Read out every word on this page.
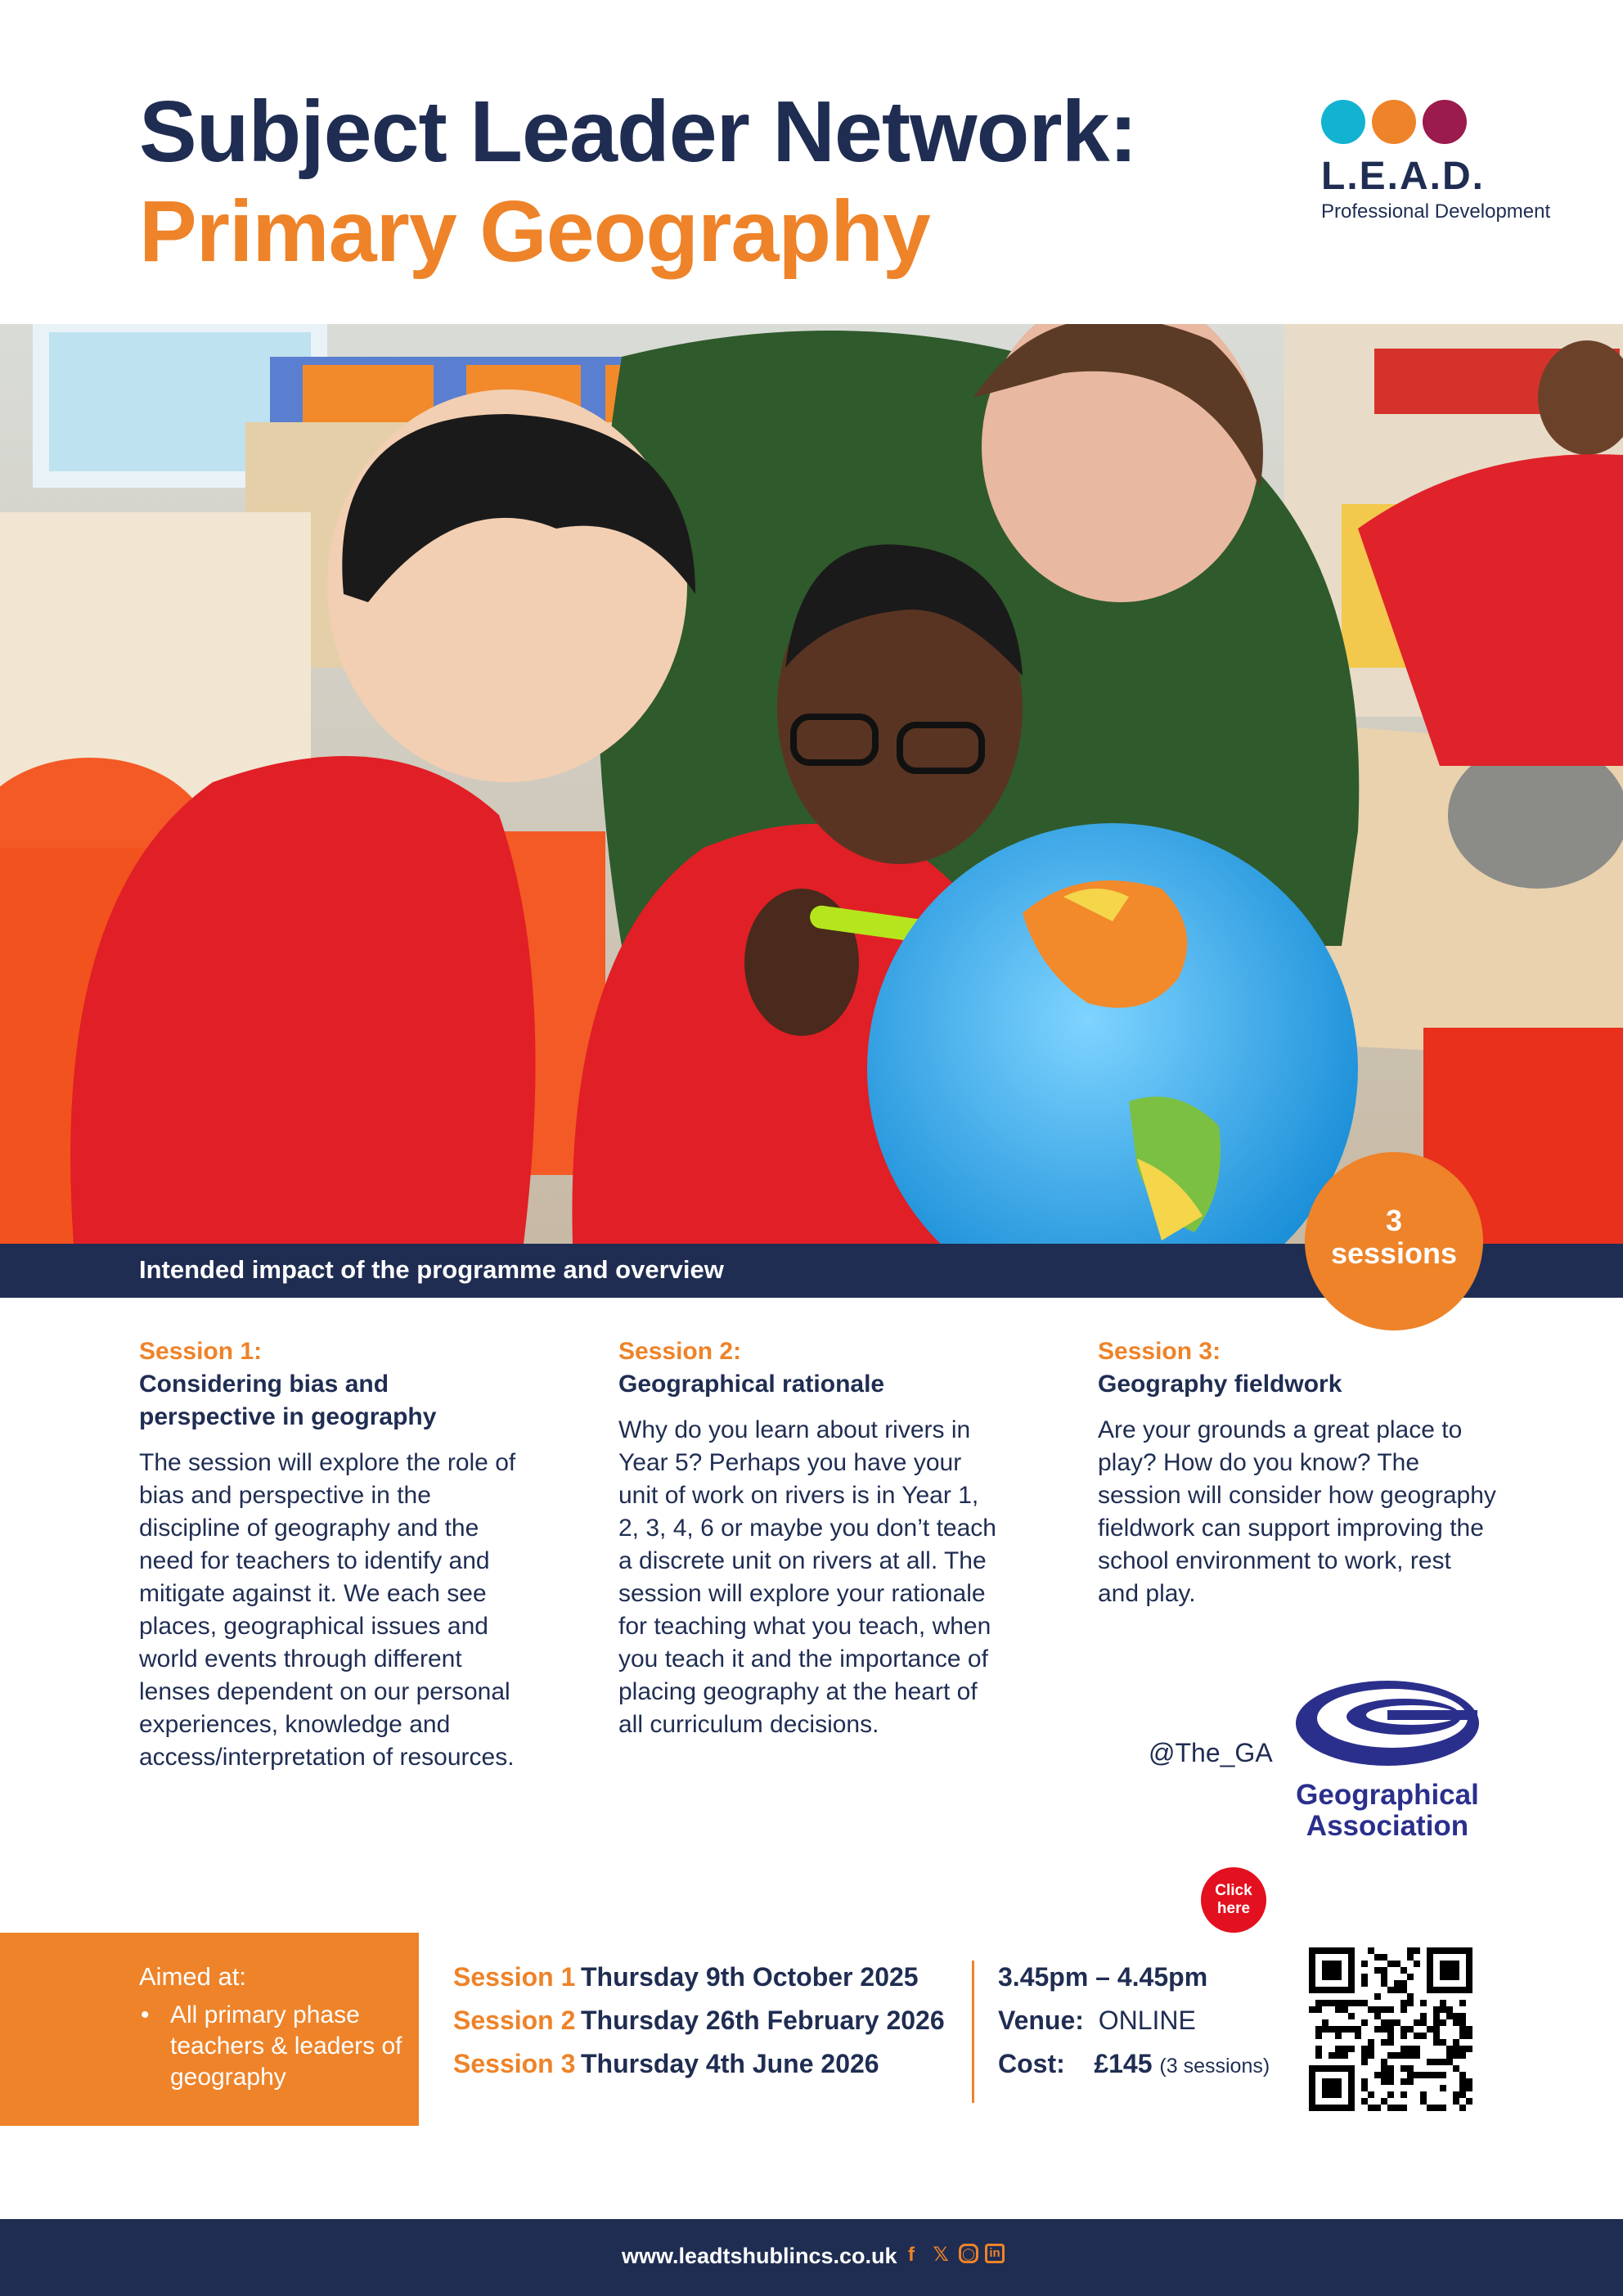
Subject Leader Network:
Primary Geography
L.E.A.D.
Professional Development
Intended impact of the programme and overview
3
sessions
Session 1:
Considering bias and perspective in geography
The session will explore the role of bias and perspective in the discipline of geography and the need for teachers to identify and mitigate against it. We each see places, geographical issues and world events through different lenses dependent on our personal experiences, knowledge and access/interpretation of resources.
Session 2:
Geographical rationale
Why do you learn about rivers in Year 5? Perhaps you have your unit of work on rivers is in Year 1, 2, 3, 4, 6 or maybe you don’t teach a discrete unit on rivers at all. The session will explore your rationale for teaching what you teach, when you teach it and the importance of placing geography at the heart of all curriculum decisions.
Session 3:
Geography fieldwork
Are your grounds a great place to play? How do you know? The session will consider how geography fieldwork can support improving the school environment to work, rest and play.
@The_GA
Geographical
Association
Click here
Aimed at:
• All primary phase teachers & leaders of geography
Session 1 Thursday 9th October 2025
Session 2 Thursday 26th February 2026
Session 3 Thursday 4th June 2026
3.45pm – 4.45pm
Venue: ONLINE
Cost: £145 (3 sessions)
www.leadtshublincs.co.uk f 𝕏	◯	in
